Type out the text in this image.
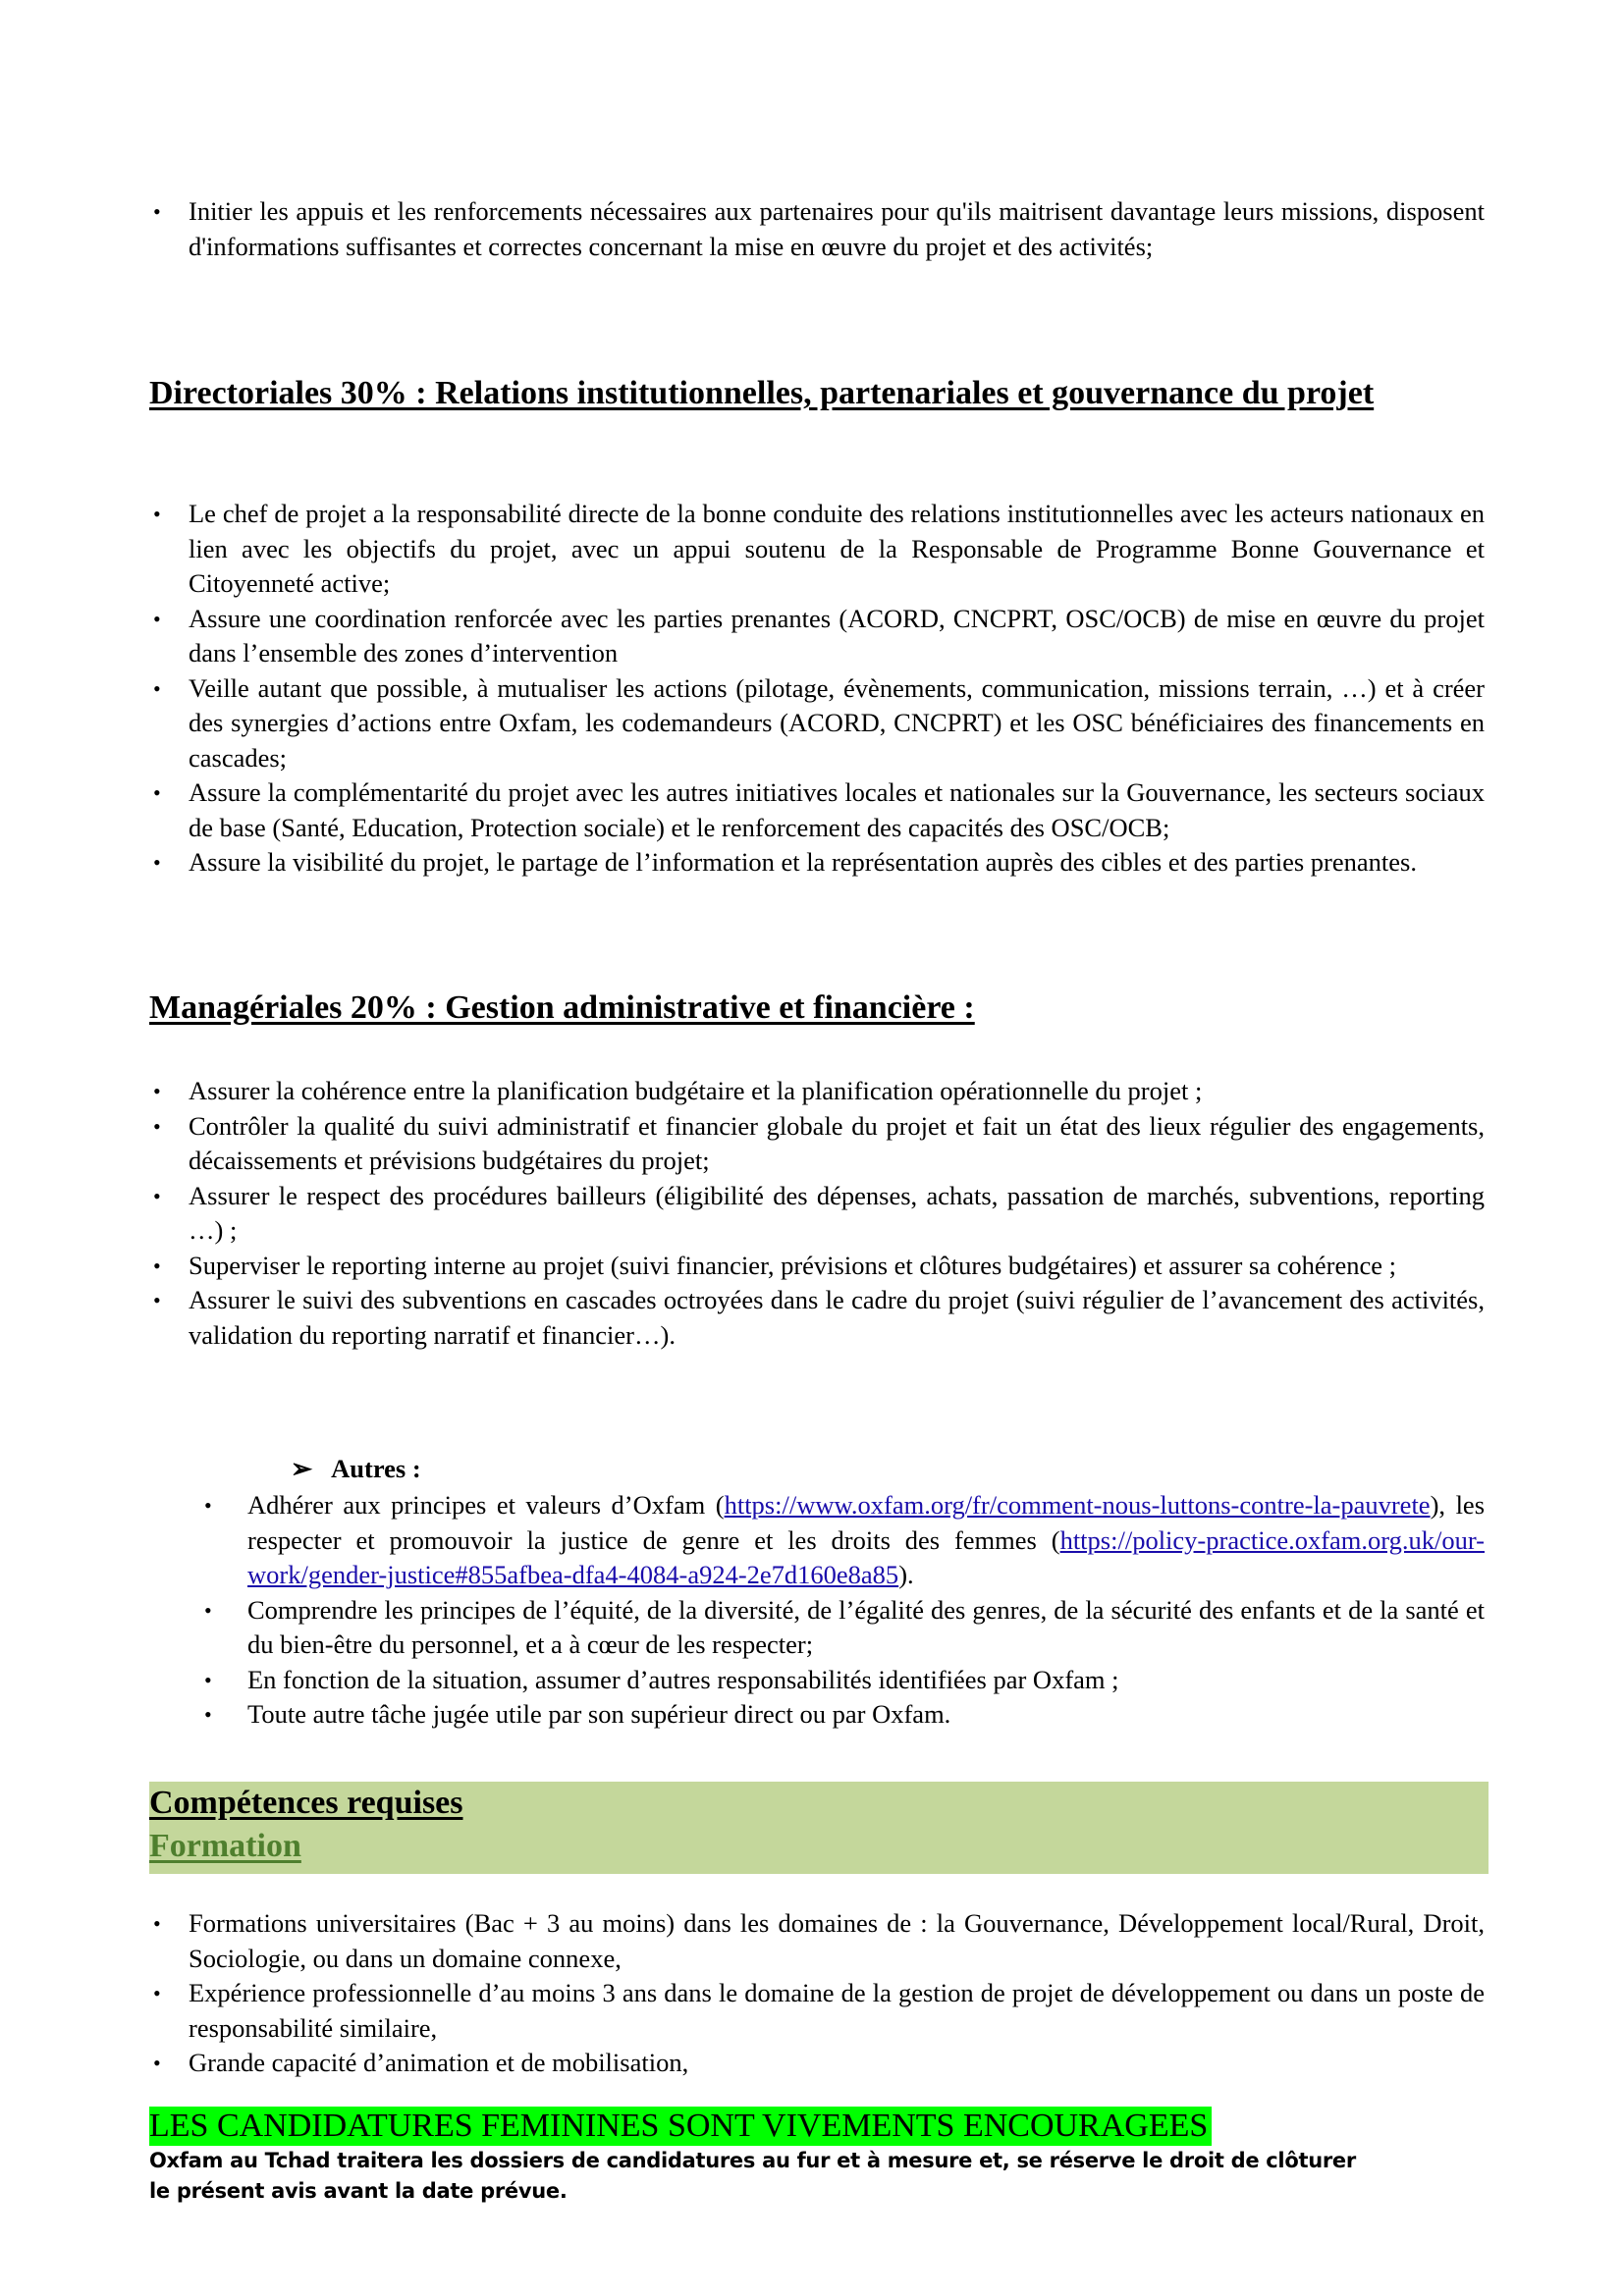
• Initier les appuis et les renforcements nécessaires aux partenaires pour qu'ils maitrisent davantage leurs missions, disposent d'informations suffisantes et correctes concernant la mise en œuvre du projet et des activités;
Directoriales 30% : Relations institutionnelles, partenariales et gouvernance du projet
• Le chef de projet a la responsabilité directe de la bonne conduite des relations institutionnelles avec les acteurs nationaux en lien avec les objectifs du projet, avec un appui soutenu de la Responsable de Programme Bonne Gouvernance et Citoyenneté active;
• Assure une coordination renforcée avec les parties prenantes (ACORD, CNCPRT, OSC/OCB) de mise en œuvre du projet dans l’ensemble des zones d’intervention
• Veille autant que possible, à mutualiser les actions (pilotage, évènements, communication, missions terrain, …) et à créer des synergies d’actions entre Oxfam, les codemandeurs (ACORD, CNCPRT) et les OSC bénéficiaires des financements en cascades;
• Assure la complémentarité du projet avec les autres initiatives locales et nationales sur la Gouvernance, les secteurs sociaux de base (Santé, Education, Protection sociale) et le renforcement des capacités des OSC/OCB;
• Assure la visibilité du projet, le partage de l’information et la représentation auprès des cibles et des parties prenantes.
Managériales 20% : Gestion administrative et financière :
• Assurer la cohérence entre la planification budgétaire et la planification opérationnelle du projet ;
• Contrôler la qualité du suivi administratif et financier globale du projet et fait un état des lieux régulier des engagements, décaissements et prévisions budgétaires du projet;
• Assurer le respect des procédures bailleurs (éligibilité des dépenses, achats, passation de marchés, subventions, reporting …) ;
• Superviser le reporting interne au projet (suivi financier, prévisions et clôtures budgétaires) et assurer sa cohérence ;
• Assurer le suivi des subventions en cascades octroyées dans le cadre du projet (suivi régulier de l’avancement des activités, validation du reporting narratif et financier…).
➢ Autres :
• Adhérer aux principes et valeurs d’Oxfam (https://www.oxfam.org/fr/comment-nous-luttons-contre-la-pauvrete), les respecter et promouvoir la justice de genre et les droits des femmes (https://policy-practice.oxfam.org.uk/our-work/gender-justice#855afbea-dfa4-4084-a924-2e7d160e8a85).
• Comprendre les principes de l’équité, de la diversité, de l’égalité des genres, de la sécurité des enfants et de la santé et du bien-être du personnel, et a à cœur de les respecter;
• En fonction de la situation, assumer d’autres responsabilités identifiées par Oxfam ;
• Toute autre tâche jugée utile par son supérieur direct ou par Oxfam.
Compétences requises
Formation
• Formations universitaires (Bac + 3 au moins) dans les domaines de : la Gouvernance, Développement local/Rural, Droit, Sociologie, ou dans un domaine connexe,
• Expérience professionnelle d’au moins 3 ans dans le domaine de la gestion de projet de développement ou dans un poste de responsabilité similaire,
• Grande capacité d’animation et de mobilisation,
LES CANDIDATURES FEMININES SONT VIVEMENTS ENCOURAGEES
Oxfam au Tchad traitera les dossiers de candidatures au fur et à mesure et, se réserve le droit de clôturer
le présent avis avant la date prévue.
